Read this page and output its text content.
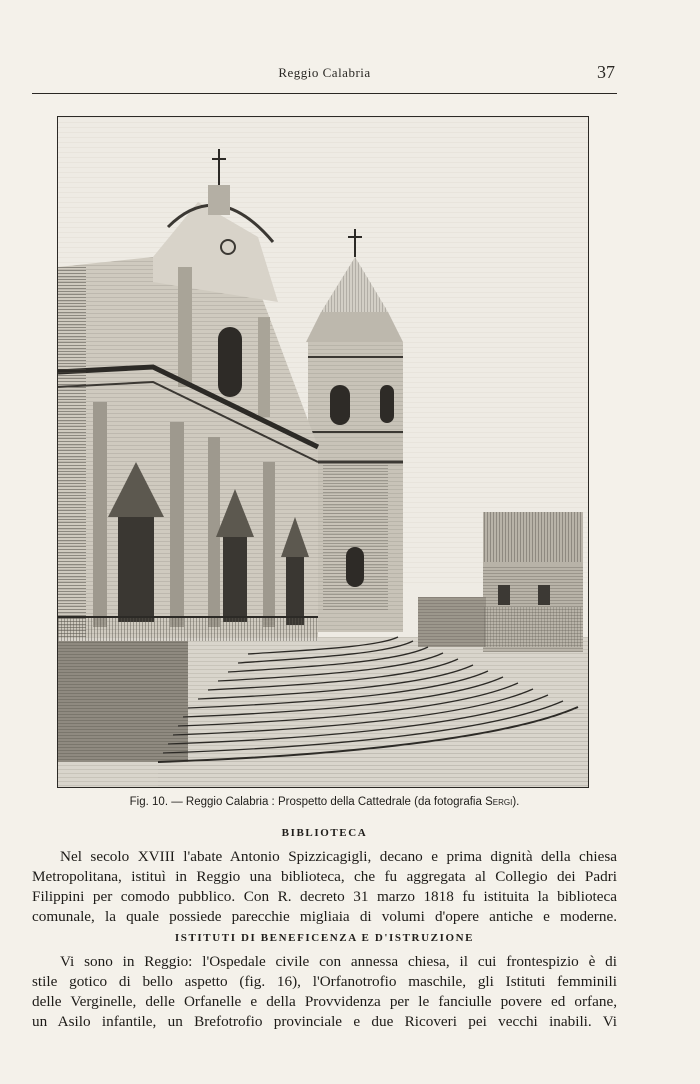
Reggio Calabria	37
Fig. 10. — Reggio Calabria : Prospetto della Cattedrale (da fotografia Sergi).
BIBLIOTECA
Nel secolo XVIII l'abate Antonio Spizzicagigli, decano e prima dignità della chiesa
Metropolitana, istituì in Reggio una biblioteca, che fu aggregata al Collegio dei Padri
Filippini per comodo pubblico. Con R. decreto 31 marzo 1818 fu istituita la biblioteca
comunale, la quale possiede parecchie migliaia di volumi d'opere antiche e moderne.
ISTITUTI DI BENEFICENZA E D'ISTRUZIONE
Vi sono in Reggio: l'Ospedale civile con annessa chiesa, il cui frontespizio è di
stile gotico di bello aspetto (fig. 16), l'Orfanotrofio maschile, gli Istituti femminili
delle Verginelle, delle Orfanelle e della Provvidenza per le fanciulle povere ed orfane,
un Asilo infantile, un Brefotrofio provinciale e due Ricoveri pei vecchi inabili. Vi
